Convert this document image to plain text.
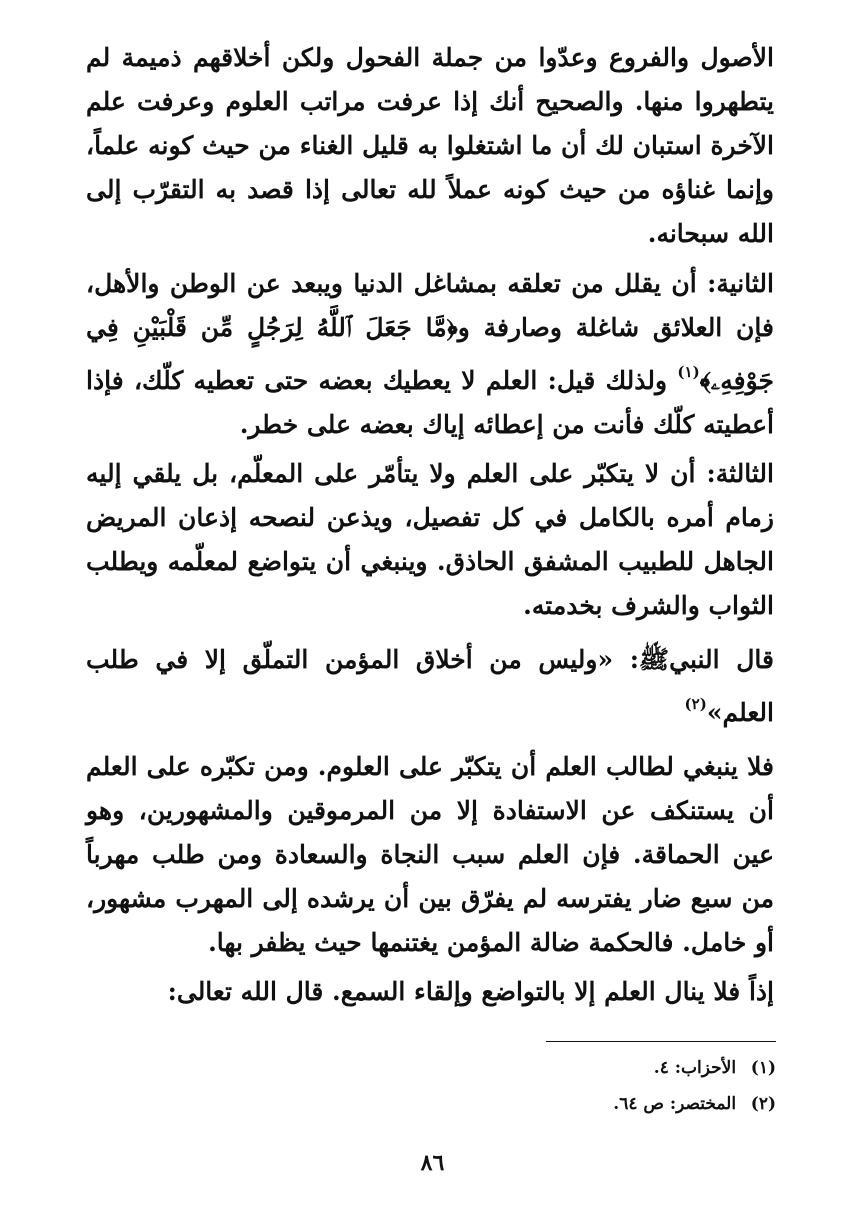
الأصول والفروع وعدّوا من جملة الفحول ولكن أخلاقهم ذميمة لم يتطهروا منها. والصحيح أنك إذا عرفت مراتب العلوم وعرفت علم الآخرة استبان لك أن ما اشتغلوا به قليل الغناء من حيث كونه علماً، وإنما غناؤه من حيث كونه عملاً لله تعالى إذا قصد به التقرّب إلى الله سبحانه.

الثانية: أن يقلل من تعلقه بمشاغل الدنيا ويبعد عن الوطن والأهل، فإن العلائق شاغلة وصارفة و﴿مَّا جَعَلَ ٱللَّهُ لِرَجُلٍ مِّن قَلْبَيْنِ فِي جَوْفِهِۦ﴾$^{(١)}$ ولذلك قيل: العلم لا يعطيك بعضه حتى تعطيه كلّك، فإذا أعطيته كلّك فأنت من إعطائه إياك بعضه على خطر.

الثالثة: أن لا يتكبّر على العلم ولا يتأمّر على المعلّم، بل يلقي إليه زمام أمره بالكامل في كل تفصيل، ويذعن لنصحه إذعان المريض الجاهل للطبيب المشفق الحاذق. وينبغي أن يتواضع لمعلّمه ويطلب الثواب والشرف بخدمته.

قال النبيﷺ: «وليس من أخلاق المؤمن التملّق إلا في طلب العلم»$^{(٢)}$

فلا ينبغي لطالب العلم أن يتكبّر على العلوم. ومن تكبّره على العلم أن يستنكف عن الاستفادة إلا من المرموقين والمشهورين، وهو عين الحماقة. فإن العلم سبب النجاة والسعادة ومن طلب مهرباً من سبع ضار يفترسه لم يفرّق بين أن يرشده إلى المهرب مشهور، أو خامل. فالحكمة ضالة المؤمن يغتنمها حيث يظفر بها.

إذاً فلا ينال العلم إلا بالتواضع وإلقاء السمع. قال الله تعالى:

(١) الأحزاب: ٤.
(٢) المختصر: ص ٦٤.
٨٦
